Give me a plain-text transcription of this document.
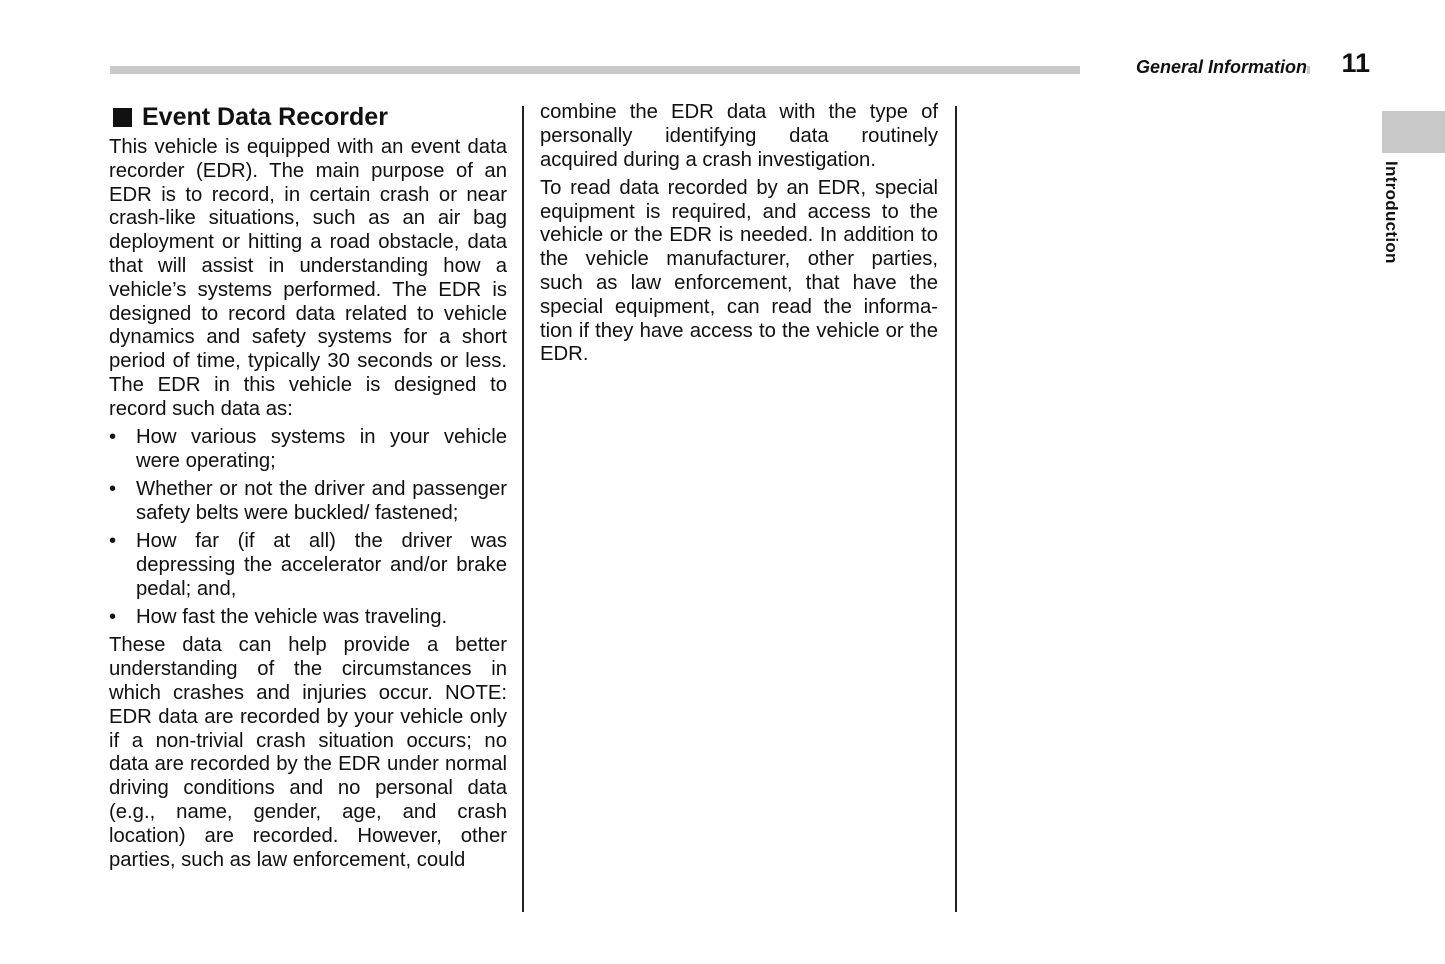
General Information	11
Introduction
Event Data Recorder

This vehicle is equipped with an event data recorder (EDR). The main purpose of an EDR is to record, in certain crash or near crash-like situations, such as an air bag deployment or hitting a road obstacle, data that will assist in understanding how a vehicle’s systems performed. The EDR is designed to record data related to vehicle dynamics and safety systems for a short period of time, typically 30 seconds or less. The EDR in this vehicle is designed to record such data as:

• How various systems in your vehicle were operating;

• Whether or not the driver and passenger safety belts were buckled/ fastened;

• How far (if at all) the driver was depressing the accelerator and/or brake pedal; and,

• How fast the vehicle was traveling.

These data can help provide a better understanding of the circumstances in which crashes and injuries occur. NOTE: EDR data are recorded by your vehicle only if a non-trivial crash situation occurs; no data are recorded by the EDR under normal driving conditions and no personal data (e.g., name, gender, age, and crash location) are recorded. However, other parties, such as law enforcement, could

combine the EDR data with the type of personally identifying data routinely acquired during a crash investigation.

To read data recorded by an EDR, special equipment is required, and access to the vehicle or the EDR is needed. In addition to the vehicle manufacturer, other parties, such as law enforcement, that have the special equipment, can read the informa- tion if they have access to the vehicle or the EDR.
